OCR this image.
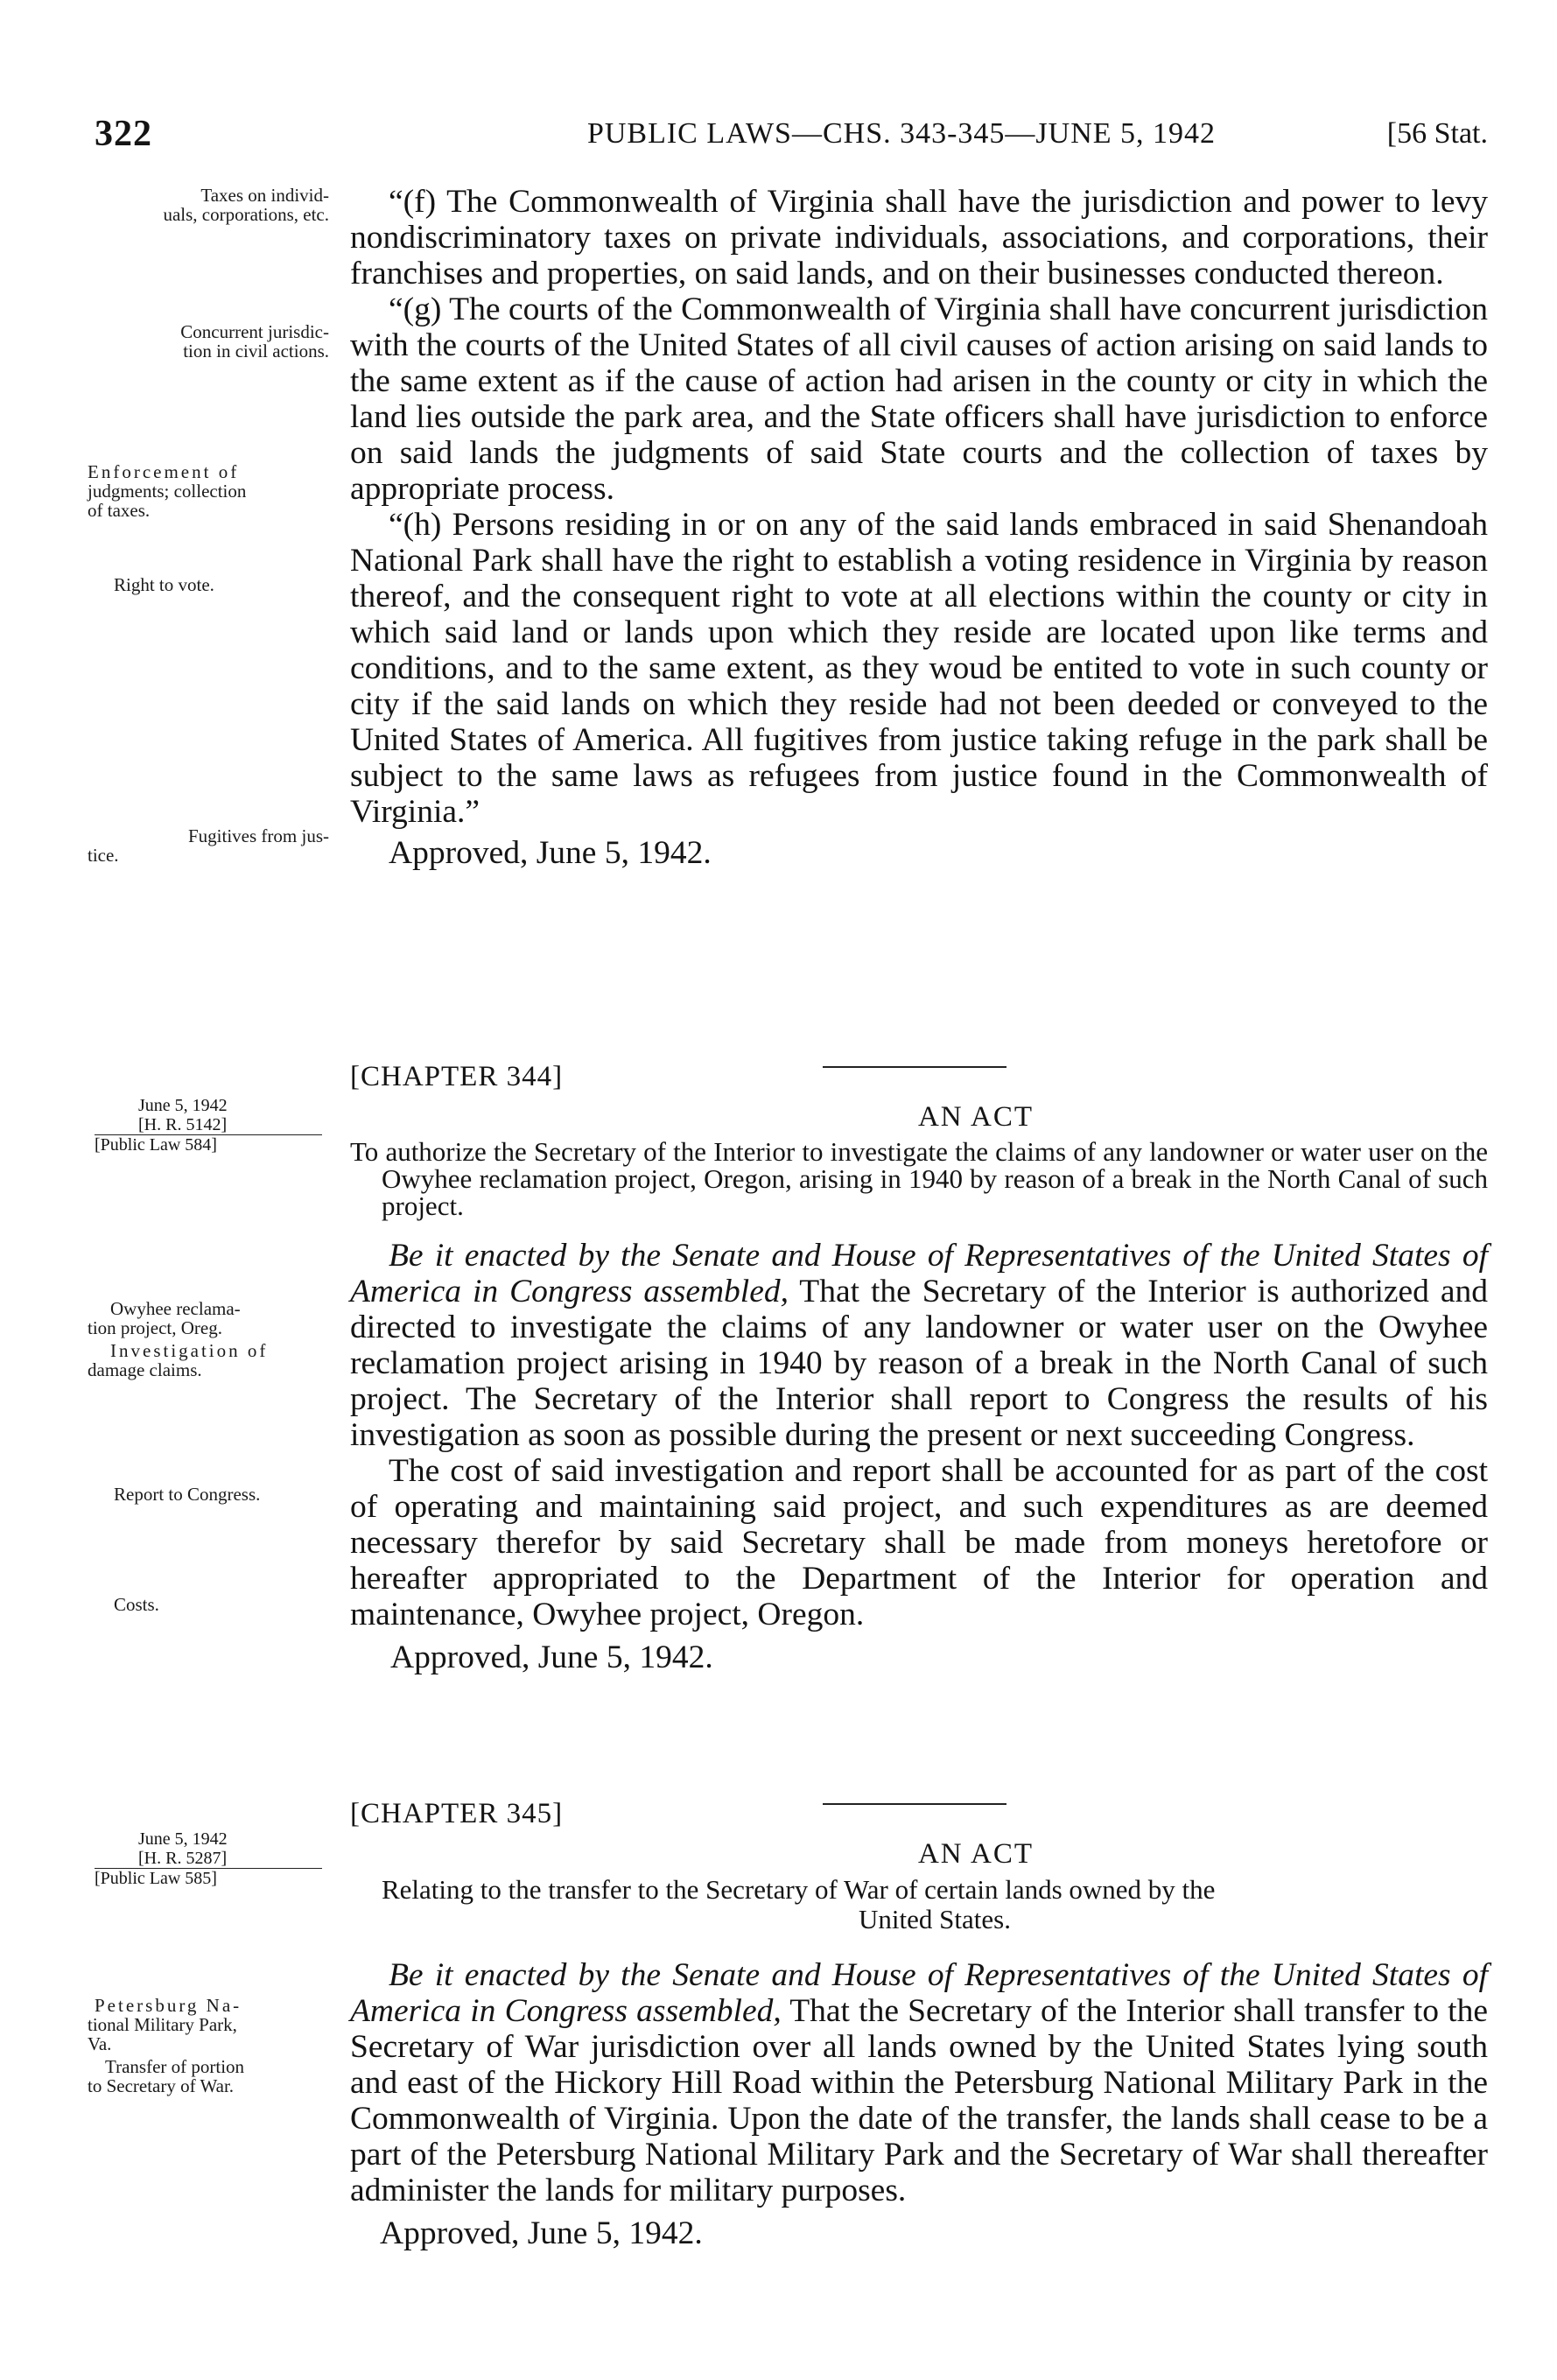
322	PUBLIC LAWS—CHS. 343-345—JUNE 5, 1942	[56 Stat.
Taxes on individ-
uals, corporations, etc.
Concurrent jurisdic-
tion in civil actions.
Enforcement of
judgments; collection
of taxes.
Right to vote.
Fugitives from jus-
tice.

“(f) The Commonwealth of Virginia shall have the jurisdiction and power to levy nondiscriminatory taxes on private individuals, associations, and corporations, their franchises and properties, on said lands, and on their businesses conducted thereon.

“(g) The courts of the Commonwealth of Virginia shall have concurrent jurisdiction with the courts of the United States of all civil causes of action arising on said lands to the same extent as if the cause of action had arisen in the county or city in which the land lies outside the park area, and the State officers shall have jurisdiction to enforce on said lands the judgments of said State courts and the collection of taxes by appropriate process.

“(h) Persons residing in or on any of the said lands embraced in said Shenandoah National Park shall have the right to establish a voting residence in Virginia by reason thereof, and the consequent right to vote at all elections within the county or city in which said land or lands upon which they reside are located upon like terms and conditions, and to the same extent, as they woud be entited to vote in such county or city if the said lands on which they reside had not been deeded or conveyed to the United States of America. All fugitives from justice taking refuge in the park shall be subject to the same laws as refugees from justice found in the Commonwealth of Virginia.”

Approved, June 5, 1942.

June 5, 1942
[H. R. 5142]
[Public Law 584]
[CHAPTER 344]

AN ACT

To authorize the Secretary of the Interior to investigate the claims of any landowner or water user on the Owyhee reclamation project, Oregon, arising in 1940 by reason of a break in the North Canal of such project.

Owyhee reclama-
tion project, Oreg.
Investigation of
damage claims.
Report to Congress.
Costs.

Be it enacted by the Senate and House of Representatives of the United States of America in Congress assembled, That the Secretary of the Interior is authorized and directed to investigate the claims of any landowner or water user on the Owyhee reclamation project arising in 1940 by reason of a break in the North Canal of such project. The Secretary of the Interior shall report to Congress the results of his investigation as soon as possible during the present or next succeeding Congress.

The cost of said investigation and report shall be accounted for as part of the cost of operating and maintaining said project, and such expenditures as are deemed necessary therefor by said Secretary shall be made from moneys heretofore or hereafter appropriated to the Department of the Interior for operation and maintenance, Owyhee project, Oregon.

Approved, June 5, 1942.

June 5, 1942
[H. R. 5287]
[Public Law 585]
[CHAPTER 345]

AN ACT

Relating to the transfer to the Secretary of War of certain lands owned by the
United States.
Petersburg Na-
tional Military Park,
Va.
Transfer of portion
to Secretary of War.

Be it enacted by the Senate and House of Representatives of the United States of America in Congress assembled, That the Secretary of the Interior shall transfer to the Secretary of War jurisdiction over all lands owned by the United States lying south and east of the Hickory Hill Road within the Petersburg National Military Park in the Commonwealth of Virginia. Upon the date of the transfer, the lands shall cease to be a part of the Petersburg National Military Park and the Secretary of War shall thereafter administer the lands for military purposes.

Approved, June 5, 1942.
